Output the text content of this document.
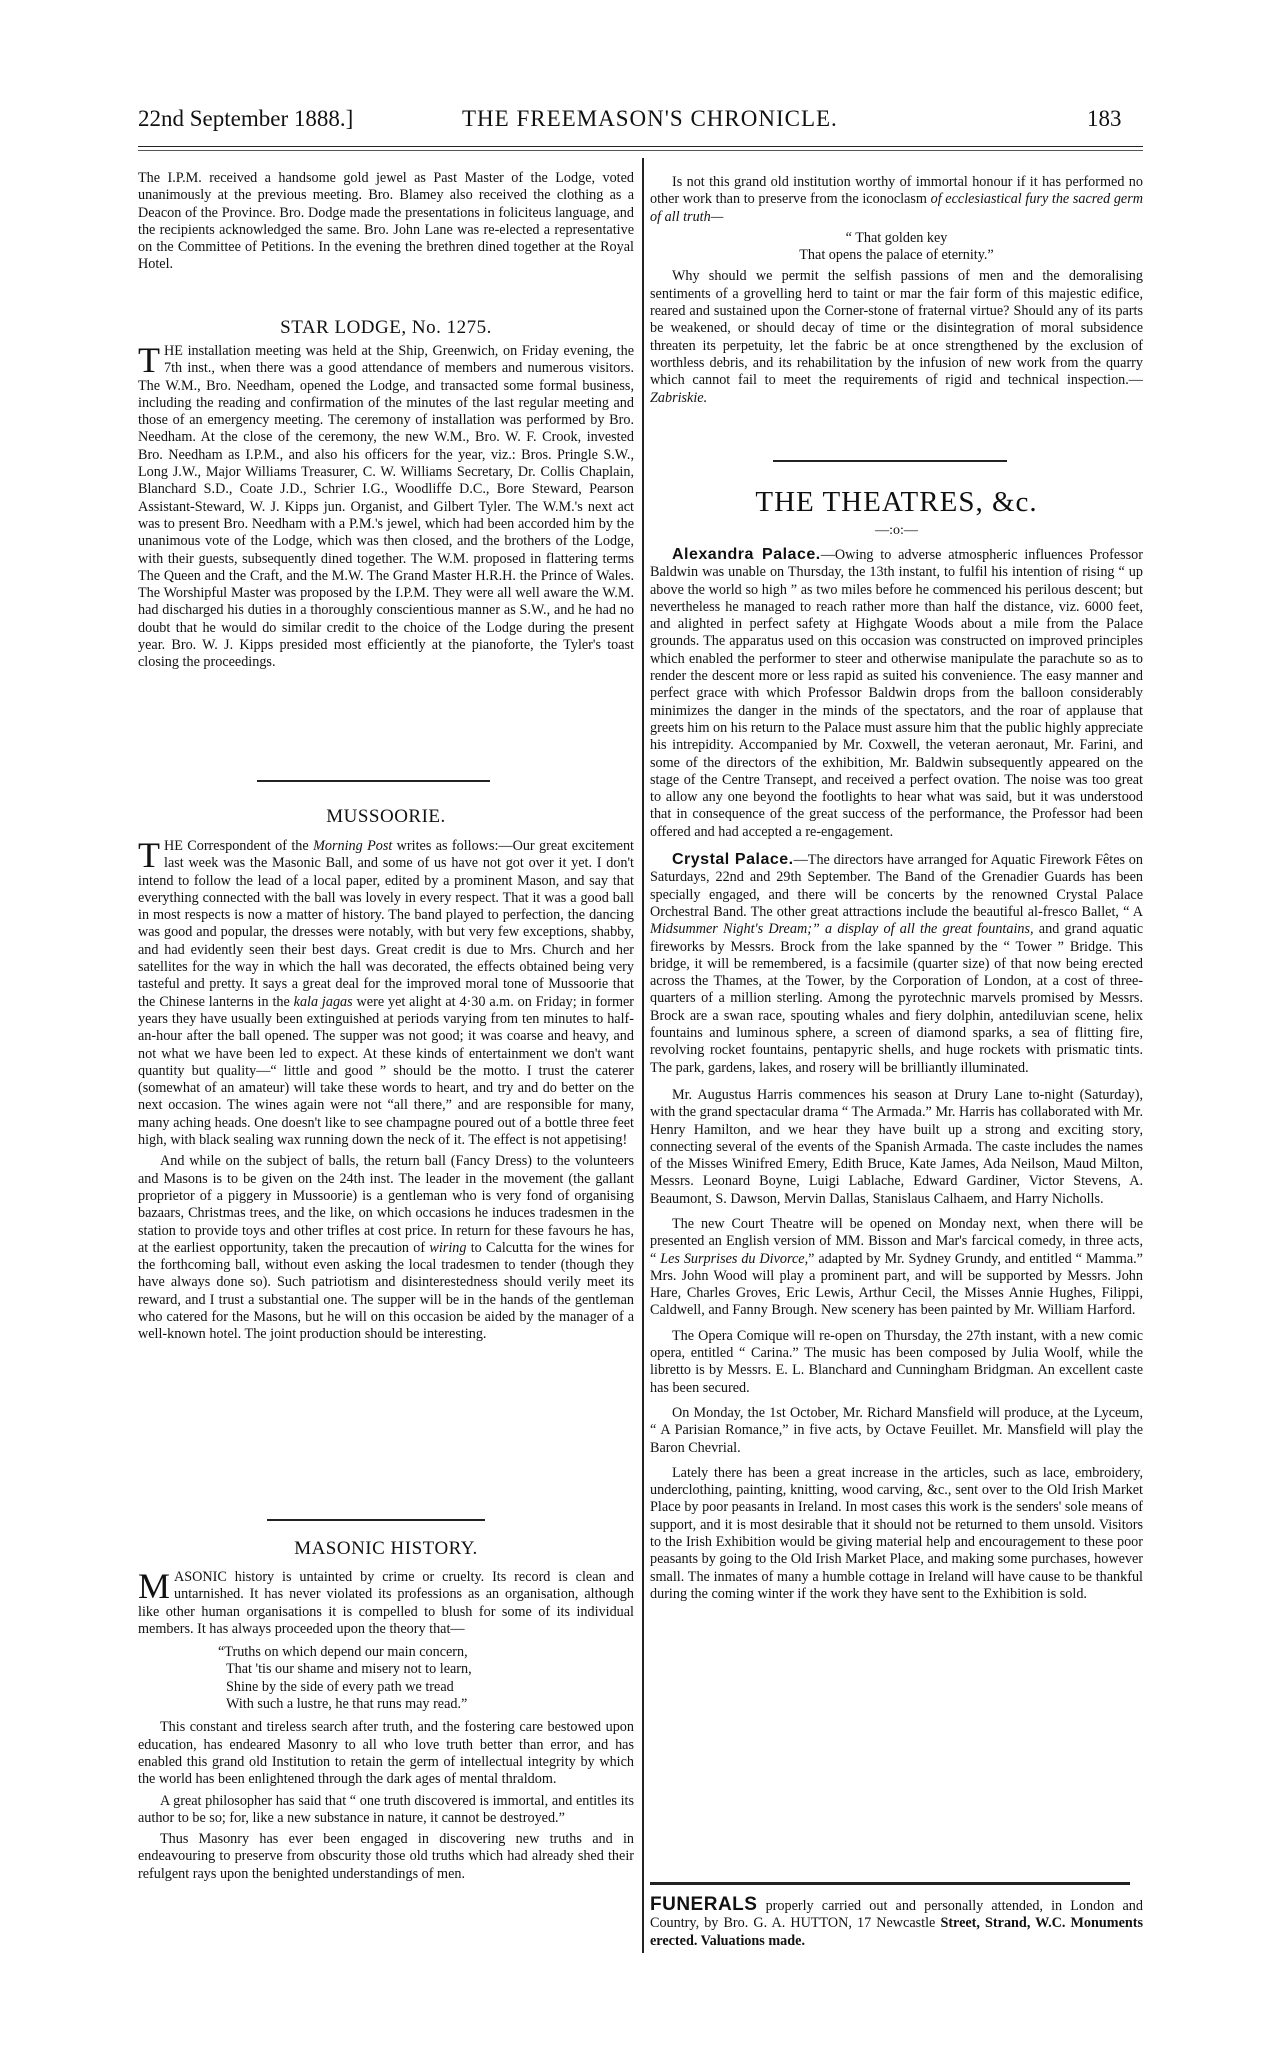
22nd September 1888.]	THE FREEMASON'S CHRONICLE.	183

The I.P.M. received a handsome gold jewel as Past Master of the Lodge, voted unanimously at the previous meeting. Bro. Blamey also received the clothing as a Deacon of the Province. Bro. Dodge made the presentations in foliciteus language, and the recipients acknowledged the same. Bro. John Lane was re-elected a representative on the Committee of Petitions. In the evening the brethren dined together at the Royal Hotel.

STAR LODGE, No. 1275.

THE installation meeting was held at the Ship, Greenwich, on Friday evening, the 7th inst., when there was a good attendance of members and numerous visitors. The W.M., Bro. Needham, opened the Lodge, and transacted some formal business, including the reading and confirmation of the minutes of the last regular meeting and those of an emergency meeting. The ceremony of installation was performed by Bro. Needham. At the close of the ceremony, the new W.M., Bro. W. F. Crook, invested Bro. Needham as I.P.M., and also his officers for the year, viz.: Bros. Pringle S.W., Long J.W., Major Williams Treasurer, C. W. Williams Secretary, Dr. Collis Chaplain, Blanchard S.D., Coate J.D., Schrier I.G., Woodliffe D.C., Bore Steward, Pearson Assistant-Steward, W. J. Kipps jun. Organist, and Gilbert Tyler. The W.M.'s next act was to present Bro. Needham with a P.M.'s jewel, which had been accorded him by the unanimous vote of the Lodge, which was then closed, and the brothers of the Lodge, with their guests, subsequently dined together. The W.M. proposed in flattering terms The Queen and the Craft, and the M.W. The Grand Master H.R.H. the Prince of Wales. The Worshipful Master was proposed by the I.P.M. They were all well aware the W.M. had discharged his duties in a thoroughly conscientious manner as S.W., and he had no doubt that he would do similar credit to the choice of the Lodge during the present year. Bro. W. J. Kipps presided most efficiently at the pianoforte, the Tyler's toast closing the proceedings.

MUSSOORIE.

THE Correspondent of the Morning Post writes as follows:—Our great excitement last week was the Masonic Ball, and some of us have not got over it yet. I don't intend to follow the lead of a local paper, edited by a prominent Mason, and say that everything connected with the ball was lovely in every respect. That it was a good ball in most respects is now a matter of history. The band played to perfection, the dancing was good and popular, the dresses were notably, with but very few exceptions, shabby, and had evidently seen their best days. Great credit is due to Mrs. Church and her satellites for the way in which the hall was decorated, the effects obtained being very tasteful and pretty. It says a great deal for the improved moral tone of Mussoorie that the Chinese lanterns in the kala jagas were yet alight at 4·30 a.m. on Friday; in former years they have usually been extinguished at periods varying from ten minutes to half-an-hour after the ball opened. The supper was not good; it was coarse and heavy, and not what we have been led to expect. At these kinds of entertainment we don't want quantity but quality—“ little and good ” should be the motto. I trust the caterer (somewhat of an amateur) will take these words to heart, and try and do better on the next occasion. The wines again were not “all there,” and are responsible for many, many aching heads. One doesn't like to see champagne poured out of a bottle three feet high, with black sealing wax running down the neck of it. The effect is not appetising!

And while on the subject of balls, the return ball (Fancy Dress) to the volunteers and Masons is to be given on the 24th inst. The leader in the movement (the gallant proprietor of a piggery in Mussoorie) is a gentleman who is very fond of organising bazaars, Christmas trees, and the like, on which occasions he induces tradesmen in the station to provide toys and other trifles at cost price. In return for these favours he has, at the earliest opportunity, taken the precaution of wiring to Calcutta for the wines for the forthcoming ball, without even asking the local tradesmen to tender (though they have always done so). Such patriotism and disinterestedness should verily meet its reward, and I trust a substantial one. The supper will be in the hands of the gentleman who catered for the Masons, but he will on this occasion be aided by the manager of a well-known hotel. The joint production should be interesting.

MASONIC HISTORY.

MASONIC history is untainted by crime or cruelty. Its record is clean and untarnished. It has never violated its professions as an organisation, although like other human organisations it is compelled to blush for some of its individual members. It has always proceeded upon the theory that—

“Truths on which depend our main concern,
That 'tis our shame and misery not to learn,
Shine by the side of every path we tread
With such a lustre, he that runs may read.”

This constant and tireless search after truth, and the fostering care bestowed upon education, has endeared Masonry to all who love truth better than error, and has enabled this grand old Institution to retain the germ of intellectual integrity by which the world has been enlightened through the dark ages of mental thraldom.

A great philosopher has said that “ one truth discovered is immortal, and entitles its author to be so; for, like a new substance in nature, it cannot be destroyed.”

Thus Masonry has ever been engaged in discovering new truths and in endeavouring to preserve from obscurity those old truths which had already shed their refulgent rays upon the benighted understandings of men.

Is not this grand old institution worthy of immortal honour if it has performed no other work than to preserve from the iconoclasm of ecclesiastical fury the sacred germ of all truth—

“ That golden key
That opens the palace of eternity.”

Why should we permit the selfish passions of men and the demoralising sentiments of a grovelling herd to taint or mar the fair form of this majestic edifice, reared and sustained upon the Corner-stone of fraternal virtue? Should any of its parts be weakened, or should decay of time or the disintegration of moral subsidence threaten its perpetuity, let the fabric be at once strengthened by the exclusion of worthless debris, and its rehabilitation by the infusion of new work from the quarry which cannot fail to meet the requirements of rigid and technical inspection.—Zabriskie.

THE THEATRES, &c.
—:o:—

Alexandra Palace.—Owing to adverse atmospheric influences Professor Baldwin was unable on Thursday, the 13th instant, to fulfil his intention of rising “ up above the world so high ” as two miles before he commenced his perilous descent; but nevertheless he managed to reach rather more than half the distance, viz. 6000 feet, and alighted in perfect safety at Highgate Woods about a mile from the Palace grounds. The apparatus used on this occasion was constructed on improved principles which enabled the performer to steer and otherwise manipulate the parachute so as to render the descent more or less rapid as suited his convenience. The easy manner and perfect grace with which Professor Baldwin drops from the balloon considerably minimizes the danger in the minds of the spectators, and the roar of applause that greets him on his return to the Palace must assure him that the public highly appreciate his intrepidity. Accompanied by Mr. Coxwell, the veteran aeronaut, Mr. Farini, and some of the directors of the exhibition, Mr. Baldwin subsequently appeared on the stage of the Centre Transept, and received a perfect ovation. The noise was too great to allow any one beyond the footlights to hear what was said, but it was understood that in consequence of the great success of the performance, the Professor had been offered and had accepted a re-engagement.

Crystal Palace.—The directors have arranged for Aquatic Firework Fêtes on Saturdays, 22nd and 29th September. The Band of the Grenadier Guards has been specially engaged, and there will be concerts by the renowned Crystal Palace Orchestral Band. The other great attractions include the beautiful al-fresco Ballet, “ A Midsummer Night's Dream;” a display of all the great fountains, and grand aquatic fireworks by Messrs. Brock from the lake spanned by the “ Tower ” Bridge. This bridge, it will be remembered, is a facsimile (quarter size) of that now being erected across the Thames, at the Tower, by the Corporation of London, at a cost of three-quarters of a million sterling. Among the pyrotechnic marvels promised by Messrs. Brock are a swan race, spouting whales and fiery dolphin, antediluvian scene, helix fountains and luminous sphere, a screen of diamond sparks, a sea of flitting fire, revolving rocket fountains, pentapyric shells, and huge rockets with prismatic tints. The park, gardens, lakes, and rosery will be brilliantly illuminated.

Mr. Augustus Harris commences his season at Drury Lane to-night (Saturday), with the grand spectacular drama “ The Armada.” Mr. Harris has collaborated with Mr. Henry Hamilton, and we hear they have built up a strong and exciting story, connecting several of the events of the Spanish Armada. The caste includes the names of the Misses Winifred Emery, Edith Bruce, Kate James, Ada Neilson, Maud Milton, Messrs. Leonard Boyne, Luigi Lablache, Edward Gardiner, Victor Stevens, A. Beaumont, S. Dawson, Mervin Dallas, Stanislaus Calhaem, and Harry Nicholls.

The new Court Theatre will be opened on Monday next, when there will be presented an English version of MM. Bisson and Mar's farcical comedy, in three acts, “ Les Surprises du Divorce,” adapted by Mr. Sydney Grundy, and entitled “ Mamma.” Mrs. John Wood will play a prominent part, and will be supported by Messrs. John Hare, Charles Groves, Eric Lewis, Arthur Cecil, the Misses Annie Hughes, Filippi, Caldwell, and Fanny Brough. New scenery has been painted by Mr. William Harford.

The Opera Comique will re-open on Thursday, the 27th instant, with a new comic opera, entitled “ Carina.” The music has been composed by Julia Woolf, while the libretto is by Messrs. E. L. Blanchard and Cunningham Bridgman. An excellent caste has been secured.

On Monday, the 1st October, Mr. Richard Mansfield will produce, at the Lyceum, “ A Parisian Romance,” in five acts, by Octave Feuillet. Mr. Mansfield will play the Baron Chevrial.

Lately there has been a great increase in the articles, such as lace, embroidery, underclothing, painting, knitting, wood carving, &c., sent over to the Old Irish Market Place by poor peasants in Ireland. In most cases this work is the senders' sole means of support, and it is most desirable that it should not be returned to them unsold. Visitors to the Irish Exhibition would be giving material help and encouragement to these poor peasants by going to the Old Irish Market Place, and making some purchases, however small. The inmates of many a humble cottage in Ireland will have cause to be thankful during the coming winter if the work they have sent to the Exhibition is sold.

FUNERALS properly carried out and personally attended, in London and Country, by Bro. G. A. HUTTON, 17 Newcastle Street, Strand, W.C. Monuments erected. Valuations made.
